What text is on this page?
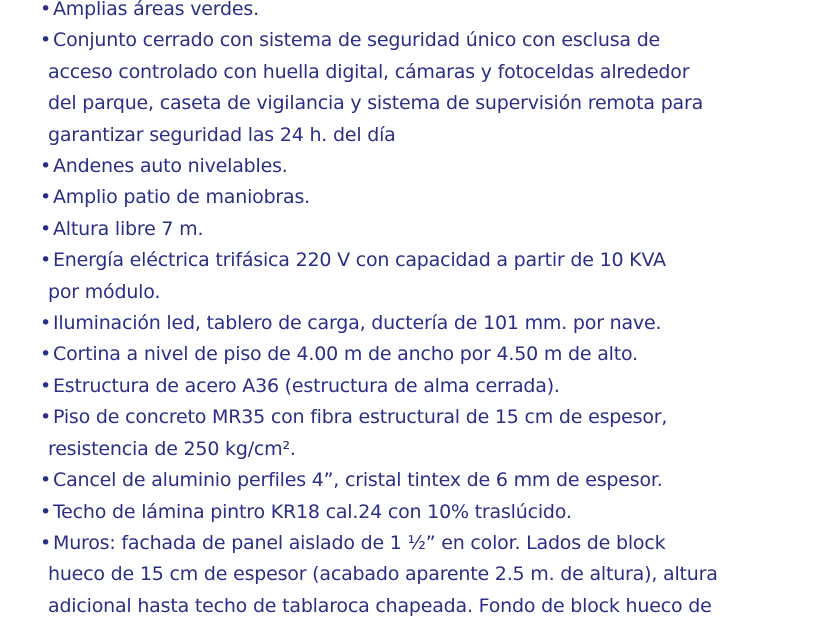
• Amplias áreas verdes.
• Conjunto cerrado con sistema de seguridad único con esclusa de
acceso controlado con huella digital, cámaras y fotoceldas alrededor
del parque, caseta de vigilancia y sistema de supervisión remota para
garantizar seguridad las 24 h. del día
• Andenes auto nivelables.
• Amplio patio de maniobras.
• Altura libre 7 m.
• Energía eléctrica trifásica 220 V con capacidad a partir de 10 KVA
por módulo.
• Iluminación led, tablero de carga, ductería de 101 mm. por nave.
• Cortina a nivel de piso de 4.00 m de ancho por 4.50 m de alto.
• Estructura de acero A36 (estructura de alma cerrada).
• Piso de concreto MR35 con fibra estructural de 15 cm de espesor,
resistencia de 250 kg/cm².
• Cancel de aluminio perfiles 4”, cristal tintex de 6 mm de espesor.
• Techo de lámina pintro KR18 cal.24 con 10% traslúcido.
• Muros: fachada de panel aislado de 1 ½” en color. Lados de block
hueco de 15 cm de espesor (acabado aparente 2.5 m. de altura), altura
adicional hasta techo de tablaroca chapeada. Fondo de block hueco de
